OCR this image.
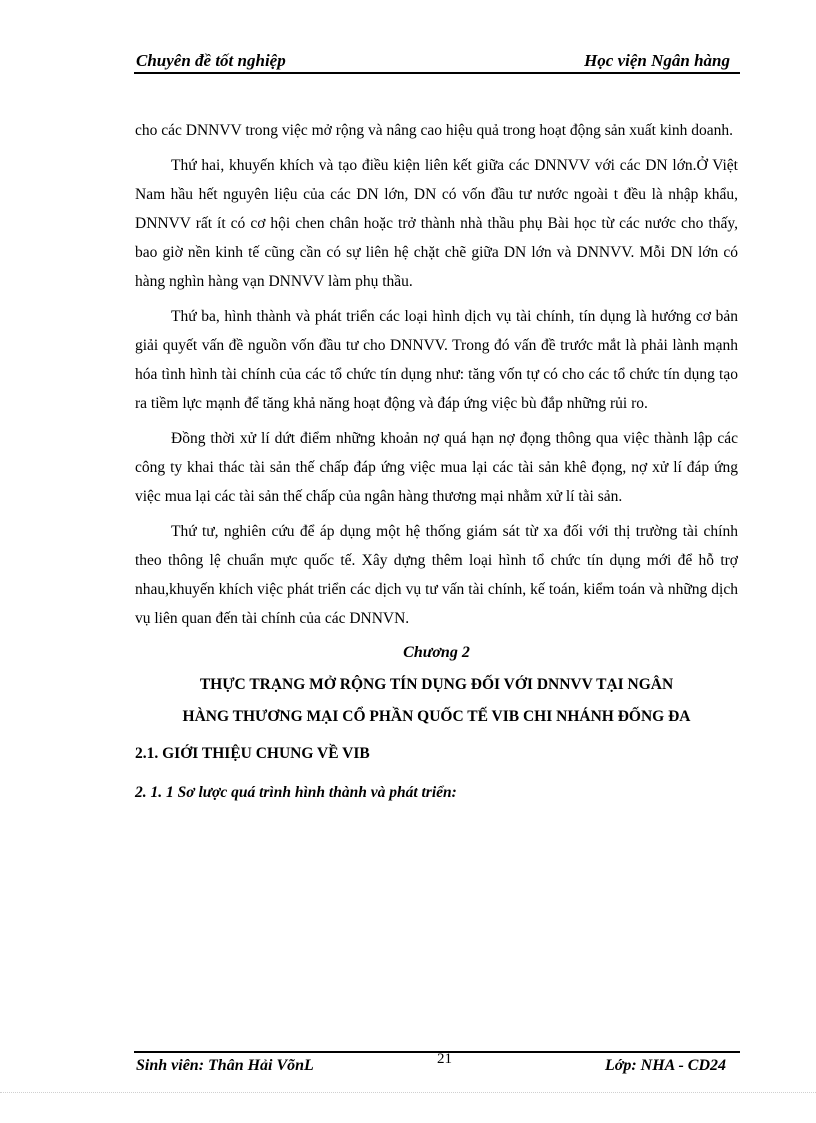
Chuyên đề tốt nghiệp	Học viện Ngân hàng

cho các DNNVV trong việc mở rộng và nâng cao hiệu quả trong hoạt động sản xuất kinh doanh.

Thứ hai, khuyến khích và tạo điều kiện liên kết giữa các DNNVV với các DN lớn.Ở Việt Nam hầu hết nguyên liệu của các DN lớn, DN có vốn đầu tư nước ngoài t đều là nhập khẩu, DNNVV rất ít có cơ hội chen chân hoặc trở thành nhà thầu phụ Bài học từ các nước cho thấy, bao giờ nền kinh tế cũng cần có sự liên hệ chặt chẽ giữa DN lớn và DNNVV. Mỗi DN lớn có hàng nghìn hàng vạn DNNVV làm phụ thầu.

Thứ ba, hình thành và phát triển các loại hình dịch vụ tài chính, tín dụng là hướng cơ bản giải quyết vấn đề nguồn vốn đầu tư cho DNNVV. Trong đó vấn đề trước mắt là phải lành mạnh hóa tình hình tài chính của các tổ chức tín dụng như: tăng vốn tự có cho các tổ chức tín dụng tạo ra tiềm lực mạnh để tăng khả năng hoạt động và đáp ứng việc bù đắp những rủi ro.

Đồng thời xử lí dứt điểm những khoản nợ quá hạn nợ đọng thông qua việc thành lập các công ty khai thác tài sản thế chấp đáp ứng việc mua lại các tài sản khê đọng, nợ xử lí đáp ứng việc mua lại các tài sản thế chấp của ngân hàng thương mại nhằm xử lí tài sản.

Thứ tư, nghiên cứu để áp dụng một hệ thống giám sát từ xa đối với thị trường tài chính theo thông lệ chuẩn mực quốc tế. Xây dựng thêm loại hình tổ chức tín dụng mới để hỗ trợ nhau,khuyến khích việc phát triển các dịch vụ tư vấn tài chính, kế toán, kiểm toán và những dịch vụ liên quan đến tài chính của các DNNVN.

Chương 2
THỰC TRẠNG MỞ RỘNG TÍN DỤNG ĐỐI VỚI DNNVV TẠI NGÂN
HÀNG THƯƠNG MẠI CỔ PHẦN QUỐC TẾ VIB CHI NHÁNH ĐỐNG ĐA
2.1. GIỚI THIỆU CHUNG VỀ VIB
2. 1. 1 Sơ lược quá trình hình thành và phát triển:
Sinh viên: Thân Hải VõnL	21	Lớp: NHA - CD24
